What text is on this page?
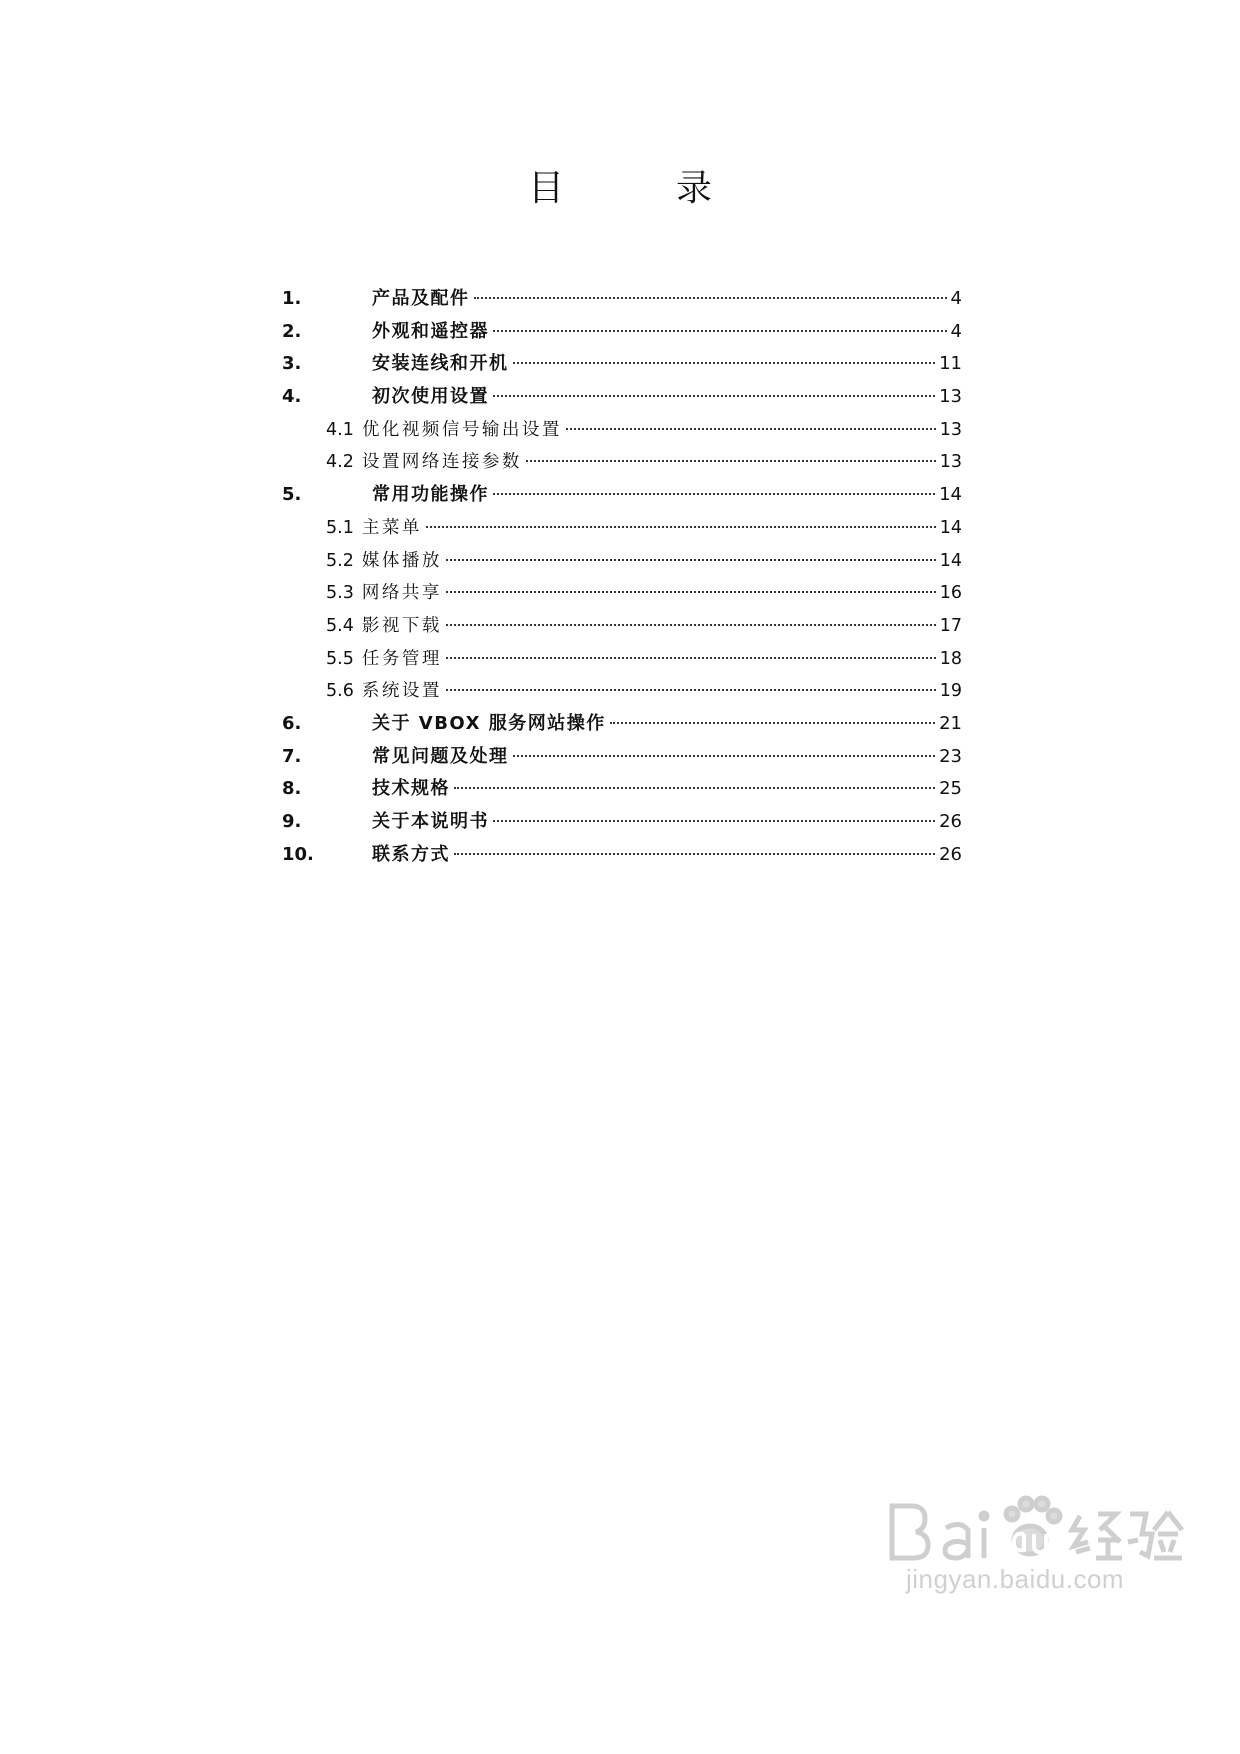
目　录
1.	产品及配件	4
2.	外观和遥控器	4
3.	安装连线和开机	11
4.	初次使用设置	13
4.1 优化视频信号输出设置	13
4.2 设置网络连接参数	13
5.	常用功能操作	14
5.1 主菜单	14
5.2 媒体播放	14
5.3 网络共享	16
5.4 影视下载	17
5.5 任务管理	18
5.6 系统设置	19
6.	关于 VBOX 服务网站操作	21
7.	常见问题及处理	23
8.	技术规格	25
9.	关于本说明书	26
10.	联系方式	26
jingyan.baidu.com
